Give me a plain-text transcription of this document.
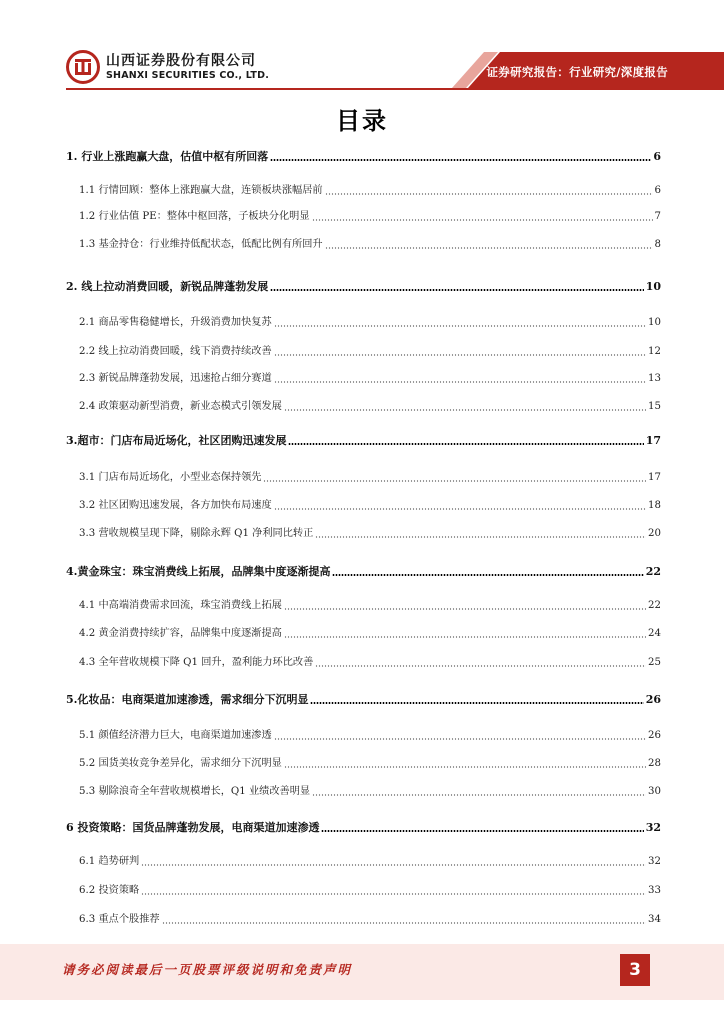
证券研究报告：行业研究/深度报告
山西证券股份有限公司
SHANXI SECURITIES CO., LTD.
目录
1. 行业上涨跑赢大盘，估值中枢有所回落	6
1.1 行情回顾：整体上涨跑赢大盘，连锁板块涨幅居前	6
1.2 行业估值 PE：整体中枢回落，子板块分化明显	7
1.3 基金持仓：行业维持低配状态，低配比例有所回升	8
2. 线上拉动消费回暖，新锐品牌蓬勃发展	10
2.1 商品零售稳健增长，升级消费加快复苏	10
2.2 线上拉动消费回暖，线下消费持续改善	12
2.3 新锐品牌蓬勃发展，迅速抢占细分赛道	13
2.4 政策驱动新型消费，新业态模式引领发展	15
3.超市：门店布局近场化，社区团购迅速发展	17
3.1 门店布局近场化，小型业态保持领先	17
3.2 社区团购迅速发展，各方加快布局速度	18
3.3 营收规模呈现下降，剔除永辉 Q1 净利同比转正	20
4.黄金珠宝：珠宝消费线上拓展，品牌集中度逐渐提高	22
4.1 中高端消费需求回流，珠宝消费线上拓展	22
4.2 黄金消费持续扩容，品牌集中度逐渐提高	24
4.3 全年营收规模下降 Q1 回升，盈利能力环比改善	25
5.化妆品：电商渠道加速渗透，需求细分下沉明显	26
5.1 颜值经济潜力巨大，电商渠道加速渗透	26
5.2 国货美妆竞争差异化，需求细分下沉明显	28
5.3 剔除浪奇全年营收规模增长，Q1 业绩改善明显	30
6 投资策略：国货品牌蓬勃发展，电商渠道加速渗透	32
6.1 趋势研判	32
6.2 投资策略	33
6.3 重点个股推荐	34
请务必阅读最后一页股票评级说明和免责声明	3
